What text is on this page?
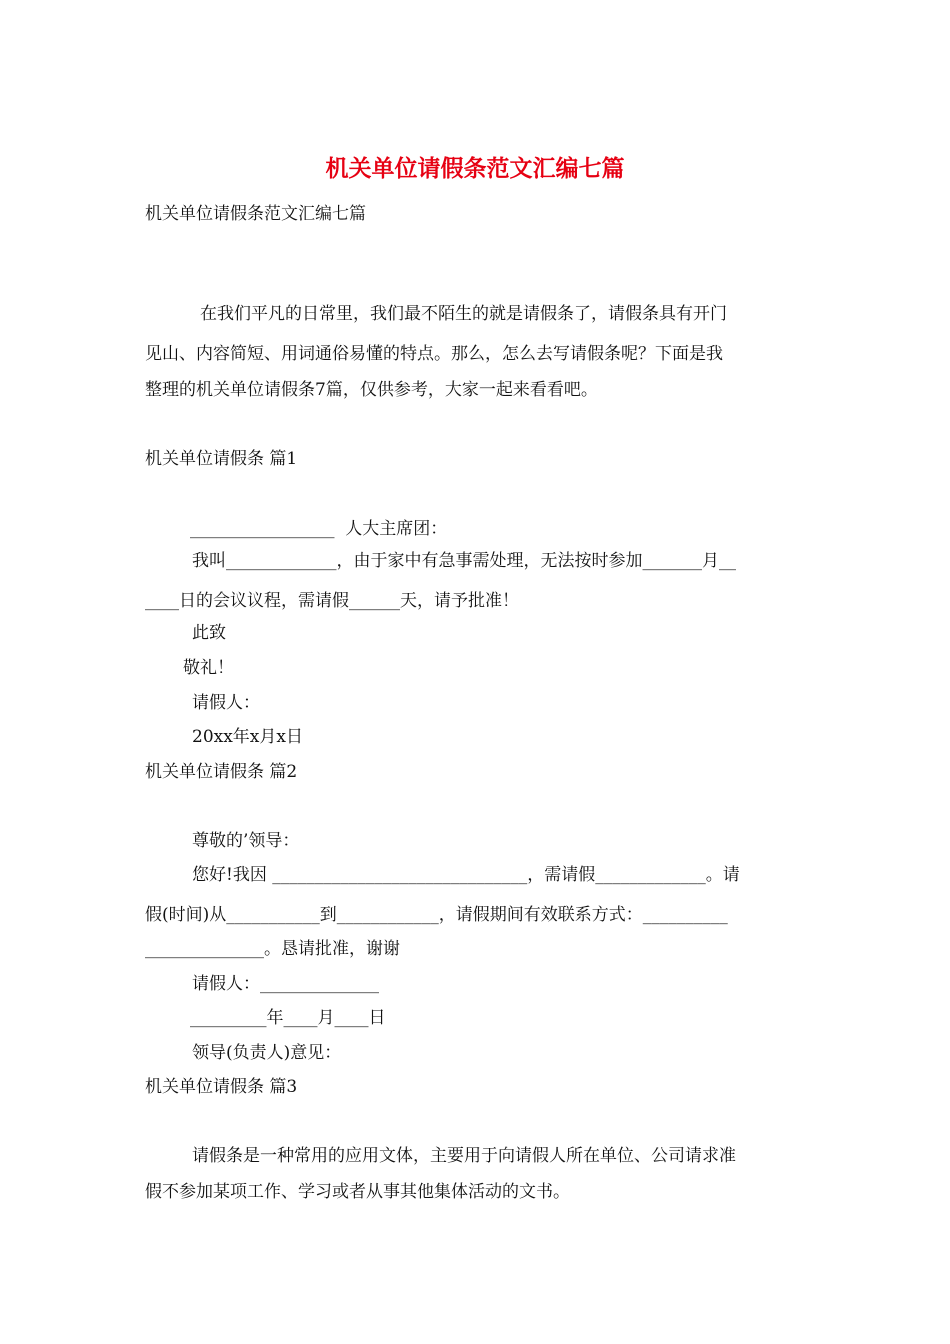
机关单位请假条范文汇编七篇
机关单位请假条范文汇编七篇
在我们平凡的日常里，我们最不陌生的就是请假条了，请假条具有开门
见山、内容简短、用词通俗易懂的特点。那么，怎么去写请假条呢？下面是我
整理的机关单位请假条7篇，仅供参考，大家一起来看看吧。
机关单位请假条 篇1
_________________  人大主席团：
我叫_____________，由于家中有急事需处理，无法按时参加_______月__
____日的会议议程，需请假______天，请予批准！
此致
敬礼！
请假人：
20xx年x月x日
机关单位请假条 篇2
尊敬的’领导：
您好!我因 ______________________________，需请假_____________。请
假(时间)从___________到____________，请假期间有效联系方式：__________
______________。恳请批准，谢谢
请假人：______________
_________年____月____日
领导(负责人)意见：
机关单位请假条 篇3
请假条是一种常用的应用文体，主要用于向请假人所在单位、公司请求准
假不参加某项工作、学习或者从事其他集体活动的文书。
